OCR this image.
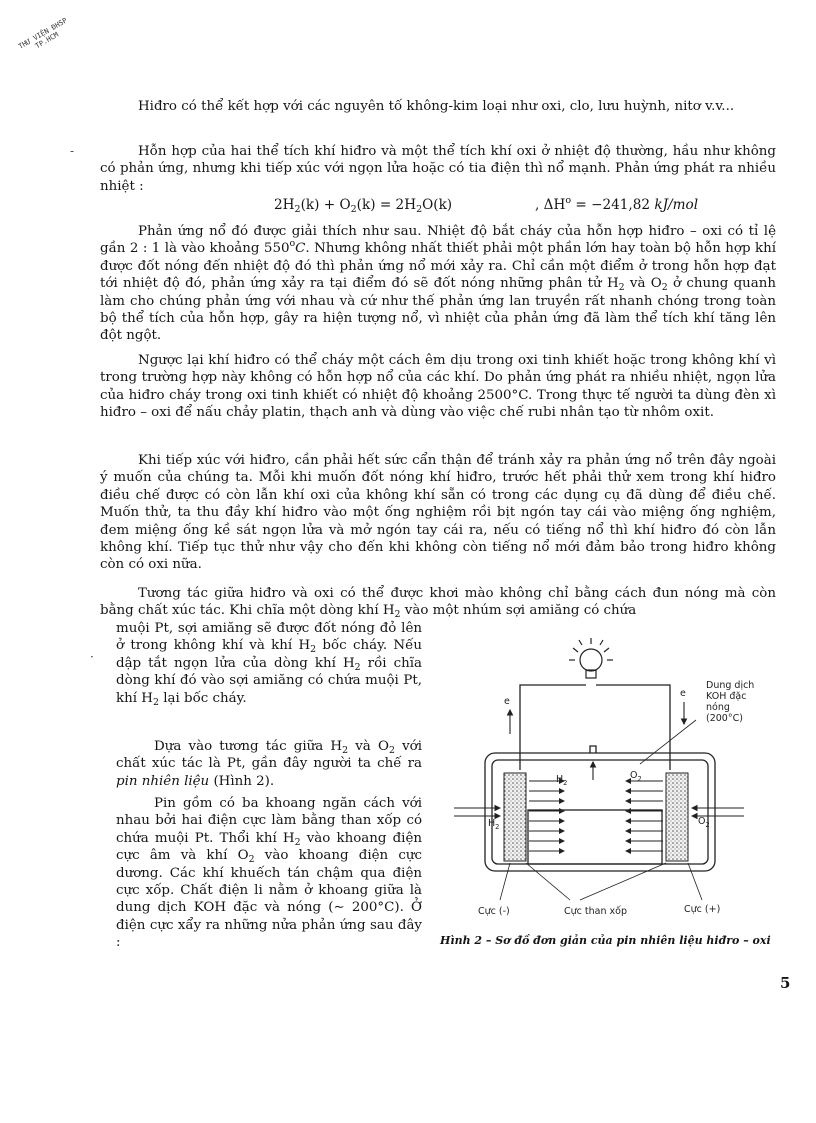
THƯ VIỆN ĐHSP TP.HCM

Hiđro có thể kết hợp với các nguyên tố không-kim loại như oxi, clo, lưu huỳnh, nitơ v.v...

Hỗn hợp của hai thể tích khí hiđro và một thể tích khí oxi ở nhiệt độ thường, hầu như không có phản ứng, nhưng khi tiếp xúc với ngọn lửa hoặc có tia điện thì nổ mạnh. Phản ứng phát ra nhiều nhiệt :

$2H_2(k) + O_2(k) = 2H_2O(k)$	, $\Delta H^o = -241,82$ kJ/mol

Phản ứng nổ đó được giải thích như sau. Nhiệt độ bắt cháy của hỗn hợp hiđro – oxi có tỉ lệ gần 2 : 1 là vào khoảng 550$^o$C. Nhưng không nhất thiết phải một phần lớn hay toàn bộ hỗn hợp khí được đốt nóng đến nhiệt độ đó thì phản ứng nổ mới xảy ra. Chỉ cần một điểm ở trong hỗn hợp đạt tới nhiệt độ đó, phản ứng xảy ra tại điểm đó sẽ đốt nóng những phân tử $H_2$ và $O_2$ ở chung quanh làm cho chúng phản ứng với nhau và cứ như thế phản ứng lan truyền rất nhanh chóng trong toàn bộ thể tích của hỗn hợp, gây ra hiện tượng nổ, vì nhiệt của phản ứng đã làm thể tích khí tăng lên đột ngột.

Ngược lại khí hiđro có thể cháy một cách êm dịu trong oxi tinh khiết hoặc trong không khí vì trong trường hợp này không có hỗn hợp nổ của các khí. Do phản ứng phát ra nhiều nhiệt, ngọn lửa của hiđro cháy trong oxi tinh khiết có nhiệt độ khoảng 2500°C. Trong thực tế người ta dùng đèn xì hiđro – oxi để nấu chảy platin, thạch anh và dùng vào việc chế rubi nhân tạo từ nhôm oxit.

Khi tiếp xúc với hiđro, cần phải hết sức cẩn thận để tránh xảy ra phản ứng nổ trên đây ngoài ý muốn của chúng ta. Mỗi khi muốn đốt nóng khí hiđro, trước hết phải thử xem trong khí hiđro điều chế được có còn lẫn khí oxi của không khí sẵn có trong các dụng cụ đã dùng để điều chế. Muốn thử, ta thu đầy khí hiđro vào một ống nghiệm rồi bịt ngón tay cái vào miệng ống nghiệm, đem miệng ống kề sát ngọn lửa và mở ngón tay cái ra, nếu có tiếng nổ thì khí hiđro đó còn lẫn không khí. Tiếp tục thử như vậy cho đến khi không còn tiếng nổ mới đảm bảo trong hiđro không còn có oxi nữa.

Tương tác giữa hiđro và oxi có thể được khơi mào không chỉ bằng cách đun nóng mà còn bằng chất xúc tác. Khi chĩa một dòng khí $H_2$ vào một nhúm sợi amiăng có chứa

muội Pt, sợi amiăng sẽ được đốt nóng đỏ lên ở trong không khí và khí $H_2$ bốc cháy. Nếu dập tắt ngọn lửa của dòng khí $H_2$ rồi chĩa dòng khí đó vào sợi amiăng có chứa muội Pt, khí $H_2$ lại bốc cháy.

Dựa vào tương tác giữa $H_2$ và $O_2$ với chất xúc tác là Pt, gần đây người ta chế ra pin nhiên liệu (Hình 2).

Pin gồm có ba khoang ngăn cách với nhau bởi hai điện cực làm bằng than xốp có chứa muội Pt. Thổi khí $H_2$ vào khoang điện cực âm và khí $O_2$ vào khoang điện cực dương. Các khí khuếch tán chậm qua điện cực xốp. Chất điện li nằm ở khoang giữa là dung dịch KOH đặc và nóng (∼ 200°C). Ở điện cực xẩy ra những nửa phản ứng sau đây :

-
·
Dung dịch
KOH đặc
nóng
(200°C)
e
e
$H_2$
$O_2$
$H_2$	$O_2$
Cực (-)	Cực than xốp	Cực (+)
Hình 2 – Sơ đồ đơn giản của pin nhiên liệu hiđro – oxi
5
